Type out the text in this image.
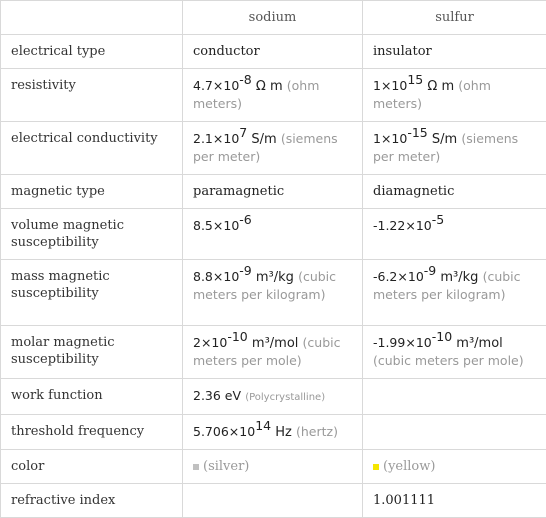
	sodium	sulfur
electrical type	conductor	insulator
resistivity	$4.7\times 10^{-8}$ Ω m (ohm meters)	$1\times 10^{15}$ Ω m (ohm meters)
electrical conductivity	$2.1\times 10^7$ S/m (siemens per meter)	$1\times 10^{-15}$ S/m (siemens per meter)
magnetic type	paramagnetic	diamagnetic
volume magnetic susceptibility	$8.5\times 10^{-6}$	$-1.22\times 10^{-5}$
mass magnetic susceptibility	$8.8\times 10^{-9}$ m³/kg (cubic meters per kilogram)	$-6.2\times 10^{-9}$ m³/kg (cubic meters per kilogram)
molar magnetic susceptibility	$2\times 10^{-10}$ m³/mol (cubic meters per mole)	$-1.99\times 10^{-10}$ m³/mol (cubic meters per mole)
work function	2.36 eV (Polycrystalline)	
threshold frequency	$5.706\times 10^{14}$ Hz (hertz)	
color	(silver)	(yellow)
refractive index		1.001111
